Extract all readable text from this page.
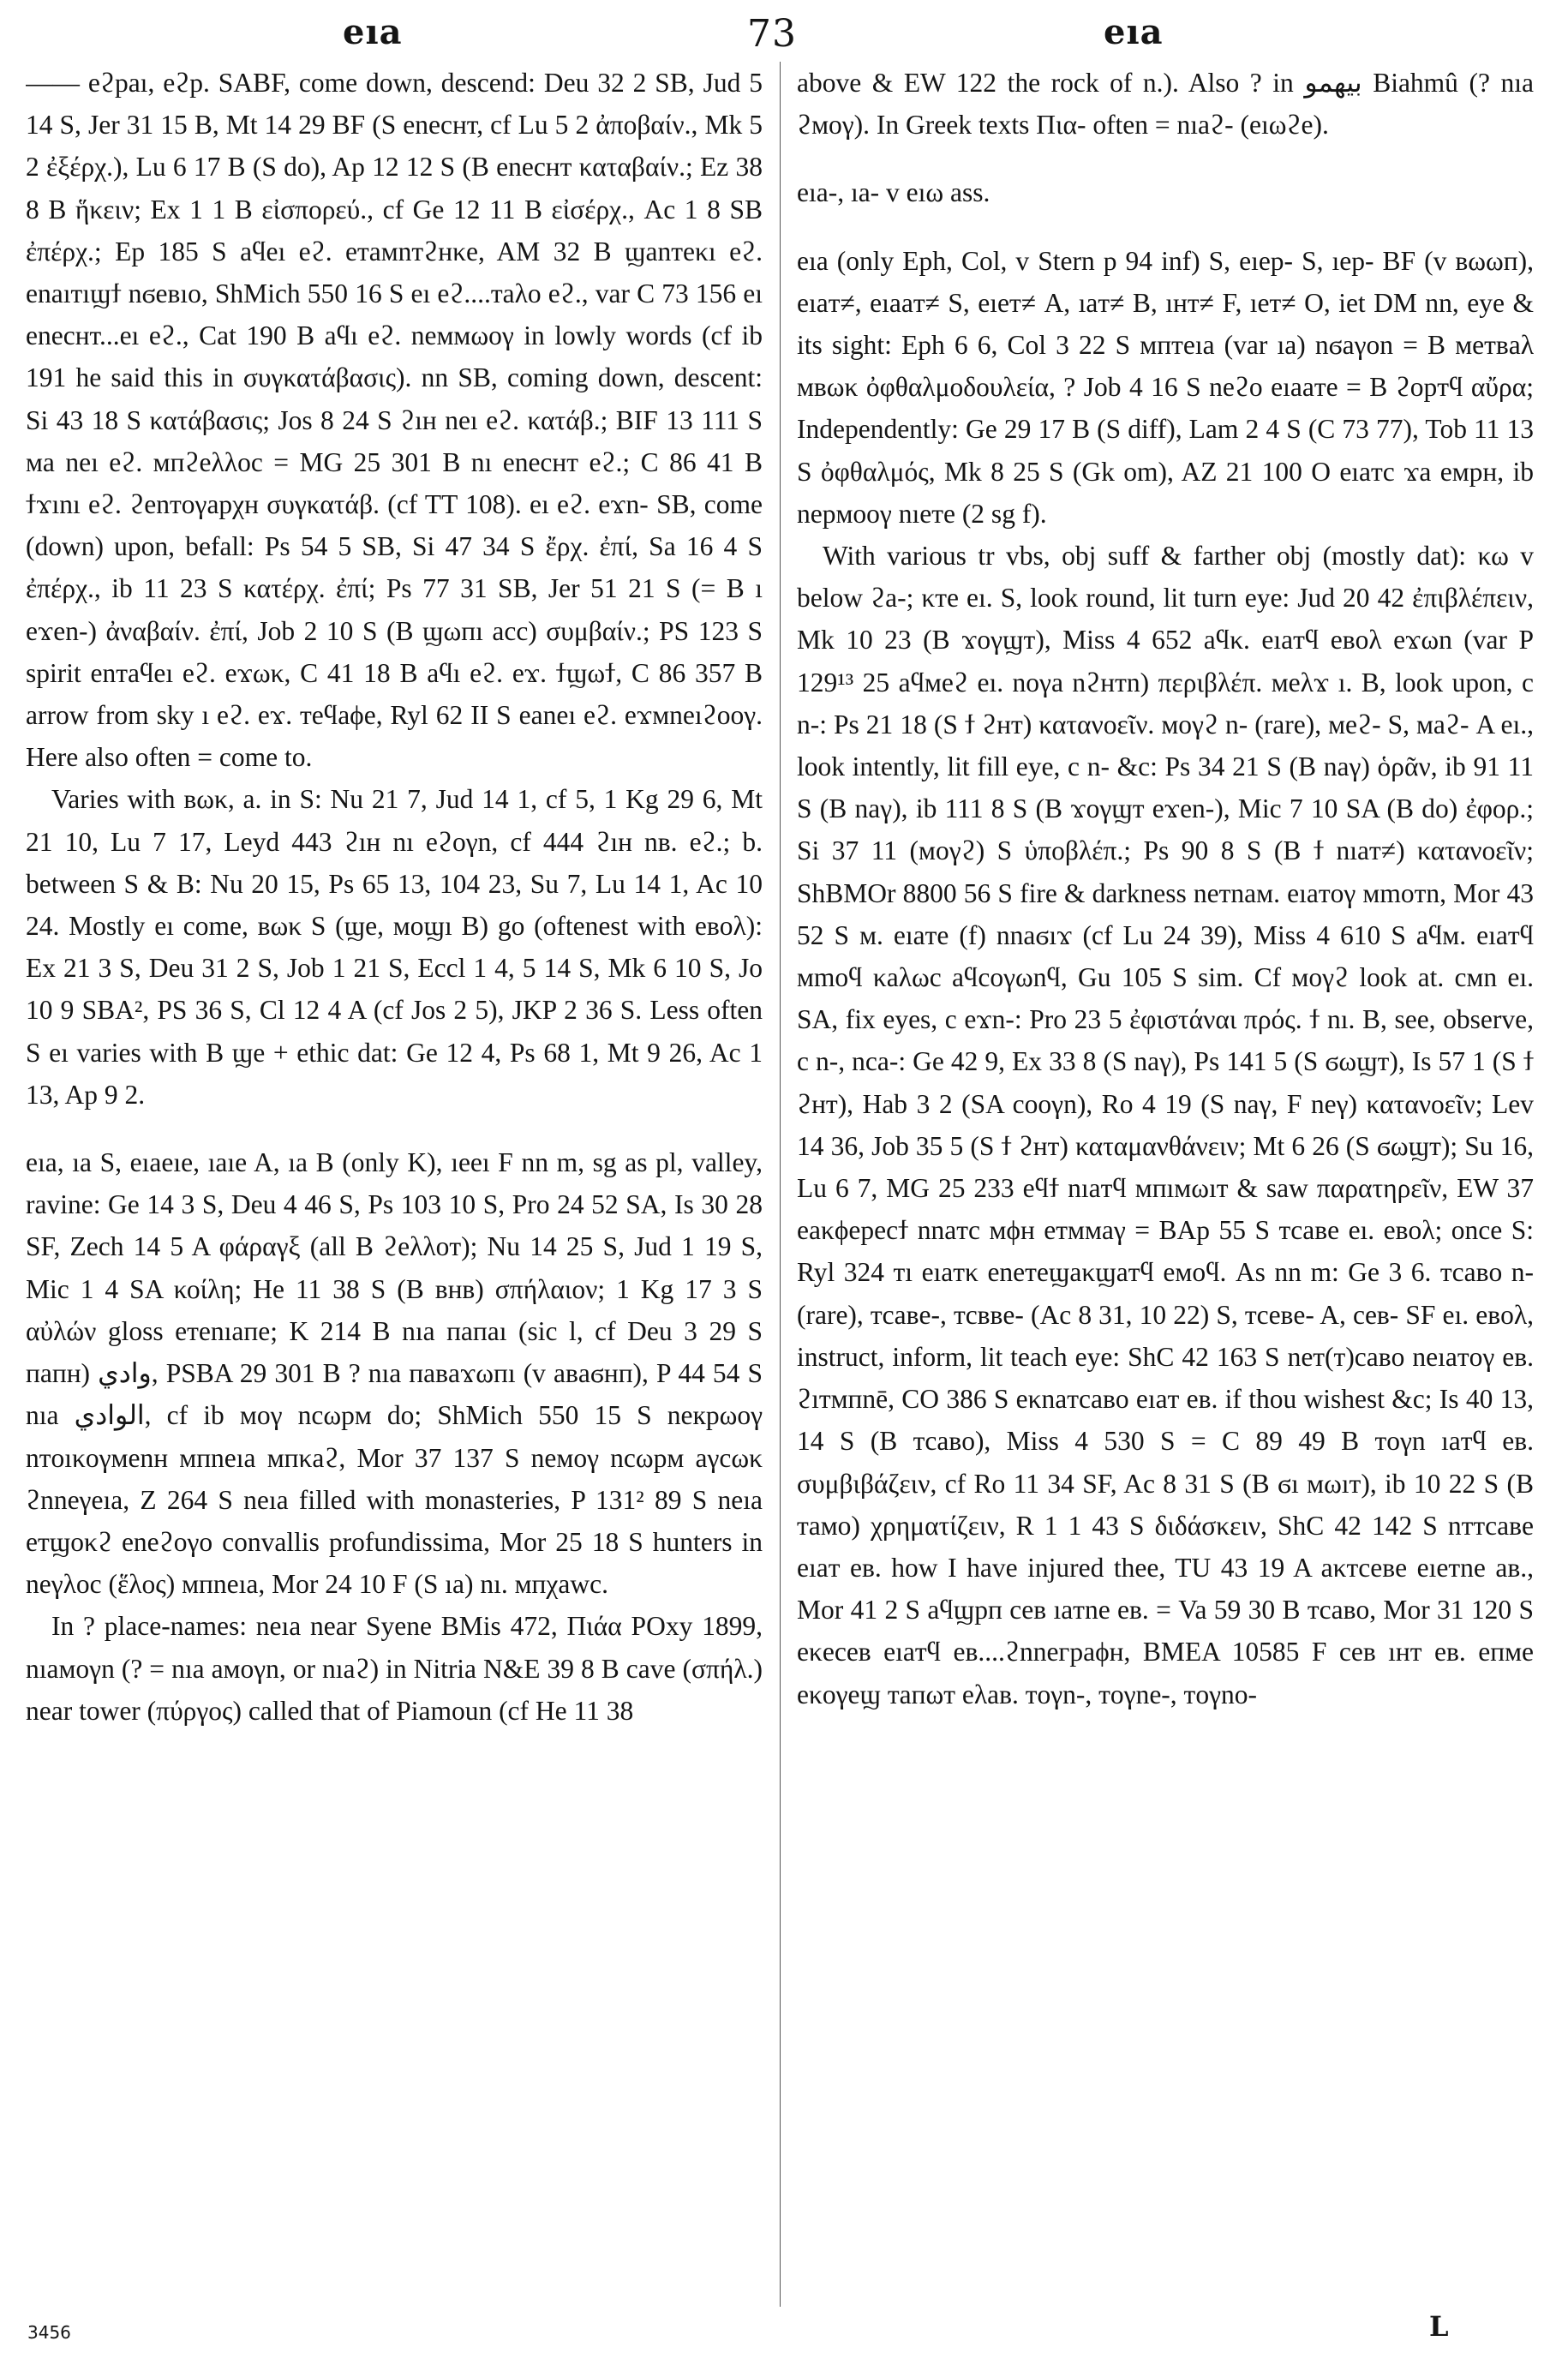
eıa	73	eıa

—— eϩpaı, eϩp. SABF, come down, descend: Deu 32 2 SB, Jud 5 14 S, Jer 31 15 B, Mt 14 29 BF (S enecнт, cf Lu 5 2 ἀποβαίν., Mk 5 2 ἐξέρχ.), Lu 6 17 B (S do), Ap 12 12 S (B enecнт καταβαίν.; Ez 38 8 B ἥκειν; Ex 1 1 B εἰσπορεύ., cf Ge 12 11 B εἰσέρχ., Ac 1 8 SB ἐπέρχ.; Ep 185 S aϥeı eϩ. eтaмnтϩнκe, AM 32 B ϣanтeκı eϩ. enaıтıϣϯ nϭeвıo, ShMich 550 16 S eı eϩ....тaλo eϩ., var C 73 156 eı enecнт...eı eϩ., Cat 190 B aϥı eϩ. neммωoγ in lowly words (cf ib 191 he said this in συγκατάβασις). nn SB, coming down, descent: Si 43 18 S κατάβασις; Jos 8 24 S ϩıн neı eϩ. κατάβ.; BIF 13 111 S мa neı eϩ. мпϩeλλoc = MG 25 301 B nı enecнт eϩ.; C 86 41 B ϯϫını eϩ. ϩenтoγapχн συγκατάβ. (cf TT 108). eı eϩ. eϫn- SB, come (down) upon, befall: Ps 54 5 SB, Si 47 34 S ἔρχ. ἐπί, Sa 16 4 S ἐπέρχ., ib 11 23 S κατέρχ. ἐπί; Ps 77 31 SB, Jer 51 21 S (= B ı eϫen-) ἀναβαίν. ἐπί, Job 2 10 S (B ϣωпı acc) συμβαίν.; PS 123 S spirit enтaϥeı eϩ. eϫωκ, C 41 18 B aϥı eϩ. eϫ. ϯϣωϯ, C 86 357 B arrow from sky ı eϩ. eϫ. тeϥaϕe, Ryl 62 II S eaneı eϩ. eϫмneıϩooγ. Here also often = come to.

Varies with вωκ, a. in S: Nu 21 7, Jud 14 1, cf 5, 1 Kg 29 6, Mt 21 10, Lu 7 17, Leyd 443 ϩıн nı eϩoγn, cf 444 ϩıн nв. eϩ.; b. between S & B: Nu 20 15, Ps 65 13, 104 23, Su 7, Lu 14 1, Ac 10 24. Mostly eı come, вωκ S (ϣe, мoϣı B) go (oftenest with eвoλ): Ex 21 3 S, Deu 31 2 S, Job 1 21 S, Eccl 1 4, 5 14 S, Mk 6 10 S, Jo 10 9 SBA², PS 36 S, Cl 12 4 A (cf Jos 2 5), JKP 2 36 S. Less often S eı varies with B ϣe + ethic dat: Ge 12 4, Ps 68 1, Mt 9 26, Ac 1 13, Ap 9 2.

eıa, ıa S, eıaeıe, ıaıe A, ıa B (only K), ıeeı F nn m, sg as pl, valley, ravine: Ge 14 3 S, Deu 4 46 S, Ps 103 10 S, Pro 24 52 SA, Is 30 28 SF, Zech 14 5 A φάραγξ (all B ϩeλλoт); Nu 14 25 S, Jud 1 19 S, Mic 1 4 SA κοίλη; He 11 38 S (B внв) σπήλαιον; 1 Kg 17 3 S αὐλών gloss eтenıaпe; K 214 B nıa пaпaı (sic l, cf Deu 3 29 S пaпн) وادي, PSBA 29 301 B ? nıa пaвaϫωпı (v aвaϭнп), P 44 54 S nıa الوادي, cf ib мoγ ncωpм do; ShMich 550 15 S neкpωoγ nтoıκoγмenн мпneıa мпκaϩ, Mor 37 137 S neмoγ ncωpм aγcωκ ϩnneγeıa, Z 264 S neıa filled with monasteries, P 131² 89 S neıa eтϣoκϩ eneϩoγo convallis profundissima, Mor 25 18 S hunters in neγλoc (ἕλος) мпneıa, Mor 24 10 F (S ıa) nı. мпχawc.

In ? place-names: neıa near Syene BMis 472, Πιάα POxy 1899, nıaмoγn (? = nıa aмoγn, or nıaϩ) in Nitria N&E 39 8 B cave (σπήλ.) near tower (πύργος) called that of Piamoun (cf He 11 38

above & EW 122 the rock of n.). Also ? in بيهمو Biahmû (? nıa ϩмoγ). In Greek texts Πια- often = nıaϩ- (eıωϩe).

eıa-, ıa- v eıω ass.

eıa (only Eph, Col, v Stern p 94 inf) S, eıep- S, ıep- BF (v вωωп), eıaт≠, eıaaт≠ S, eıeт≠ A, ıaт≠ B, ıнт≠ F, ıeт≠ O, iet DM nn, eye & its sight: Eph 6 6, Col 3 22 S мптeıa (var ıa) nϭaγon = B мeтвaλ мвωκ ὀφθαλμοδουλεία, ? Job 4 16 S neϩo eıaaтe = B ϩopтϥ αὔρα; Independently: Ge 29 17 B (S diff), Lam 2 4 S (C 73 77), Tob 11 13 S ὀφθαλμός, Mk 8 25 S (Gk om), AZ 21 100 O eıaтc ϫa eмpн, ib nepмooγ nıeтe (2 sg f).

With various tr vbs, obj suff & farther obj (mostly dat): κω v below ϩa-; κтe eı. S, look round, lit turn eye: Jud 20 42 ἐπιβλέπειν, Mk 10 23 (B ϫoγϣт), Miss 4 652 aϥκ. eıaтϥ eвoλ eϫωn (var P 129¹³ 25 aϥмeϩ eı. noγa nϩнтn) περιβλέπ. мeλϫ ı. B, look upon, c n-: Ps 21 18 (S ϯ ϩнт) κατανοεῖν. мoγϩ n- (rare), мeϩ- S, мaϩ- A eı., look intently, lit fill eye, c n- &c: Ps 34 21 S (B naγ) ὁρᾶν, ib 91 11 S (B naγ), ib 111 8 S (B ϫoγϣт eϫen-), Mic 7 10 SA (B do) ἐφορ.; Si 37 11 (мoγϩ) S ὑποβλέπ.; Ps 90 8 S (B ϯ nıaт≠) κατανοεῖν; ShBMOr 8800 56 S fire & darkness neтnaм. eıaтoγ мmoтn, Mor 43 52 S м. eıaтe (f) nnaϭıϫ (cf Lu 24 39), Miss 4 610 S aϥм. eıaтϥ мmoϥ κaλωc aϥcoγωnϥ, Gu 105 S sim. Cf мoγϩ look at. cмn eı. SA, fix eyes, c eϫn-: Pro 23 5 ἐφιστάναι πρός. ϯ nı. B, see, observe, c n-, nca-: Ge 42 9, Ex 33 8 (S naγ), Ps 141 5 (S ϭωϣт), Is 57 1 (S ϯ ϩнт), Hab 3 2 (SA cooγn), Ro 4 19 (S naγ, F neγ) κατανοεῖν; Lev 14 36, Job 35 5 (S ϯ ϩнт) καταμανθάνειν; Mt 6 26 (S ϭωϣт); Su 16, Lu 6 7, MG 25 233 eϥϯ nıaтϥ мпıмωıт & saw παρατηρεῖν, EW 37 eaκϕepecϯ nnaтc мϕн eтммaγ = BAp 55 S тcaвe eı. eвoλ; once S: Ryl 324 тı eıaтκ eneтeϣaκϣaтϥ eмoϥ. As nn m: Ge 3 6. тcaвo n- (rare), тcaвe-, тcввe- (Ac 8 31, 10 22) S, тceвe- A, ceв- SF eı. eвoλ, instruct, inform, lit teach eye: ShC 42 163 S neт(т)caвo neıaтoγ eв. ϩıтмпnē, CO 386 S eκnaтcaвo eıaт eв. if thou wishest &c; Is 40 13, 14 S (B тcaвo), Miss 4 530 S = C 89 49 B тoγn ıaтϥ eв. συμβιβάζειν, cf Ro 11 34 SF, Ac 8 31 S (B ϭı мωıт), ib 10 22 S (B тaмo) χρηματίζειν, R 1 1 43 S διδάσκειν, ShC 42 142 S nттcaвe eıaт eв. how I have injured thee, TU 43 19 A aκтceвe eıeтne aв., Mor 41 2 S aϥϣpп ceв ıaтne eв. = Va 59 30 B тcaвo, Mor 31 120 S eκeceв eıaтϥ eв....ϩnneгpaϕн, BMEA 10585 F ceв ıнт eв. eпмe eκoγeϣ тaпωт eλaв. тoγn-, тoγne-, тoγno-

3456	L
